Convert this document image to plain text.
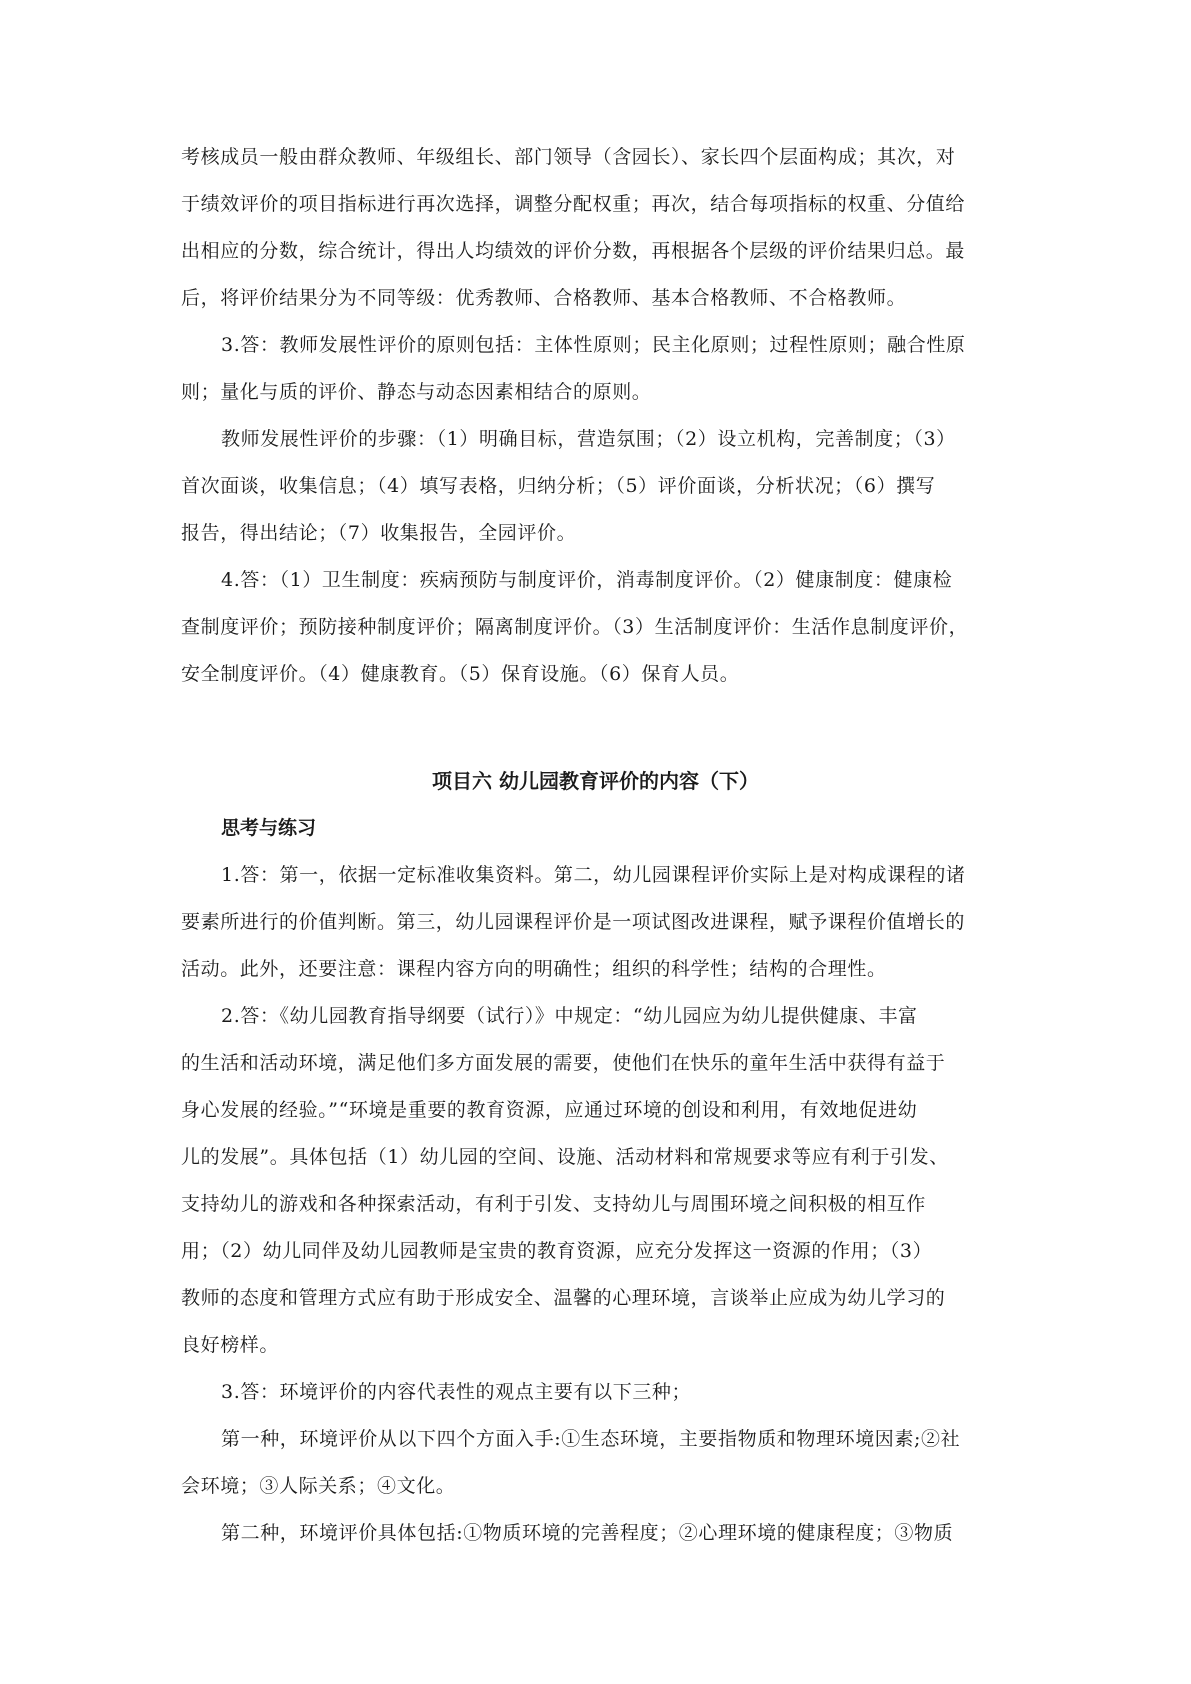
考核成员一般由群众教师、年级组长、部门领导（含园长）、家长四个层面构成；其次，对
于绩效评价的项目指标进行再次选择，调整分配权重；再次，结合每项指标的权重、分值给
出相应的分数，综合统计，得出人均绩效的评价分数，再根据各个层级的评价结果归总。最
后，将评价结果分为不同等级：优秀教师、合格教师、基本合格教师、不合格教师。
3.答：教师发展性评价的原则包括：主体性原则；民主化原则；过程性原则；融合性原
则；量化与质的评价、静态与动态因素相结合的原则。
教师发展性评价的步骤：（1）明确目标，营造氛围；（2）设立机构，完善制度；（3）
首次面谈，收集信息；（4）填写表格，归纳分析；（5）评价面谈，分析状况；（6）撰写
报告，得出结论；（7）收集报告，全园评价。
4.答：（1）卫生制度：疾病预防与制度评价，消毒制度评价。（2）健康制度：健康检
查制度评价；预防接种制度评价；隔离制度评价。（3）生活制度评价：生活作息制度评价，
安全制度评价。（4）健康教育。（5）保育设施。（6）保育人员。
项目六 幼儿园教育评价的内容（下）
思考与练习
1.答：第一，依据一定标准收集资料。第二，幼儿园课程评价实际上是对构成课程的诸
要素所进行的价值判断。第三，幼儿园课程评价是一项试图改进课程，赋予课程价值增长的
活动。此外，还要注意：课程内容方向的明确性；组织的科学性；结构的合理性。
2.答：《幼儿园教育指导纲要（试行）》中规定：“幼儿园应为幼儿提供健康、丰富
的生活和活动环境，满足他们多方面发展的需要，使他们在快乐的童年生活中获得有益于
身心发展的经验。”“环境是重要的教育资源，应通过环境的创设和利用，有效地促进幼
儿的发展”。具体包括（1）幼儿园的空间、设施、活动材料和常规要求等应有利于引发、
支持幼儿的游戏和各种探索活动，有利于引发、支持幼儿与周围环境之间积极的相互作
用；（2）幼儿同伴及幼儿园教师是宝贵的教育资源，应充分发挥这一资源的作用；（3）
教师的态度和管理方式应有助于形成安全、温馨的心理环境，言谈举止应成为幼儿学习的
良好榜样。
3.答：环境评价的内容代表性的观点主要有以下三种；
第一种，环境评价从以下四个方面入手:①生态环境，主要指物质和物理环境因素;②社
会环境；③人际关系；④文化。
第二种，环境评价具体包括:①物质环境的完善程度；②心理环境的健康程度；③物质
